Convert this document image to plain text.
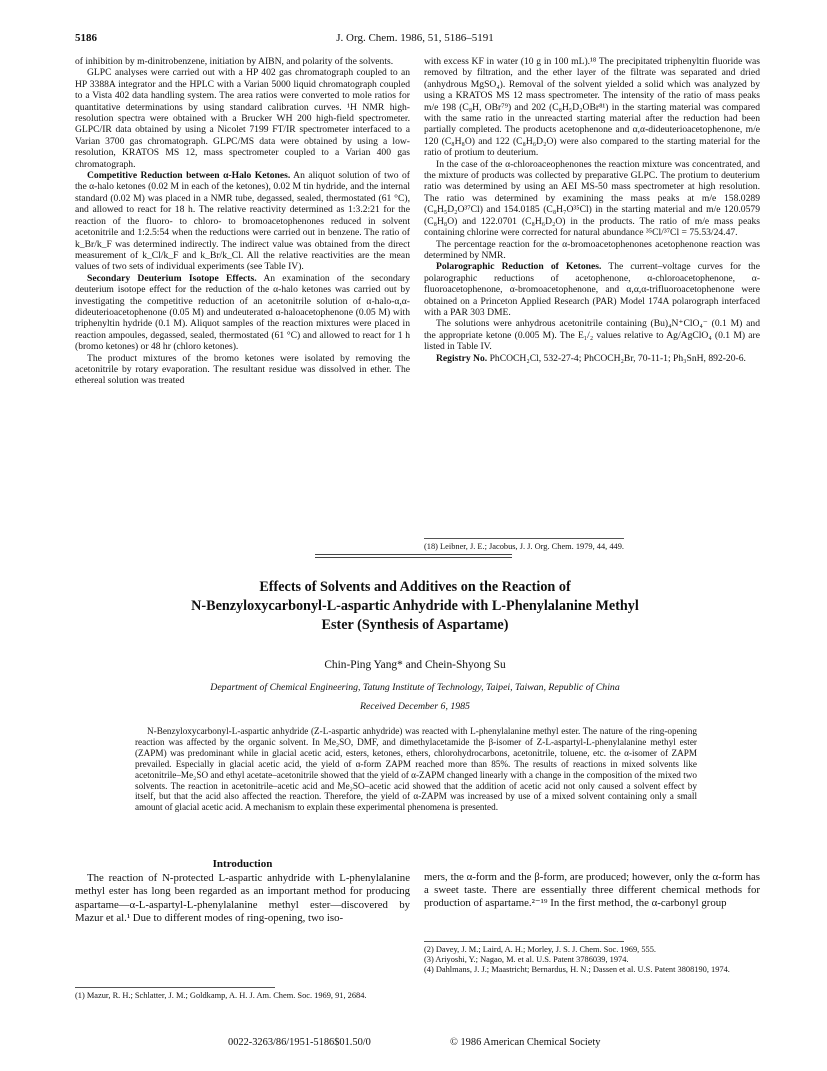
5186	J. Org. Chem. 1986, 51, 5186–5191

of inhibition by m-dinitrobenzene, initiation by AIBN, and polarity of the solvents.

GLPC analyses were carried out with a HP 402 gas chromatograph coupled to an HP 3388A integrator and the HPLC with a Varian 5000 liquid chromatograph coupled to a Vista 402 data handling system. The area ratios were converted to mole ratios for quantitative determinations by using standard calibration curves. ¹H NMR high-resolution spectra were obtained with a Brucker WH 200 high-field spectrometer. GLPC/IR data obtained by using a Nicolet 7199 FT/IR spectrometer interfaced to a Varian 3700 gas chromatograph. GLPC/MS data were obtained by using a low-resolution, KRATOS MS 12, mass spectrometer coupled to a Varian 400 gas chromatograph.

Competitive Reduction between α-Halo Ketones. An aliquot solution of two of the α-halo ketones (0.02 M in each of the ketones), 0.02 M tin hydride, and the internal standard (0.02 M) was placed in a NMR tube, degassed, sealed, thermostated (61 °C), and allowed to react for 18 h. The relative reactivity determined as 1:3.2:21 for the reaction of the fluoro- to chloro- to bromoacetophenones reduced in solvent acetonitrile and 1:2.5:54 when the reductions were carried out in benzene. The ratio of k_Br/k_F was determined indirectly. The indirect value was obtained from the direct measurement of k_Cl/k_F and k_Br/k_Cl. All the relative reactivities are the mean values of two sets of individual experiments (see Table IV).

Secondary Deuterium Isotope Effects. An examination of the secondary deuterium isotope effect for the reduction of the α-halo ketones was carried out by investigating the competitive reduction of an acetonitrile solution of α-halo-α,α-dideuterioacetophenone (0.05 M) and undeuterated α-haloacetophenone (0.05 M) with triphenyltin hydride (0.1 M). Aliquot samples of the reaction mixtures were placed in reaction ampoules, degassed, sealed, thermostated (61 °C) and allowed to react for 1 h (bromo ketones) or 48 hr (chloro ketones).

The product mixtures of the bromo ketones were isolated by removing the acetonitrile by rotary evaporation. The resultant residue was dissolved in ether. The ethereal solution was treated

with excess KF in water (10 g in 100 mL).¹⁸ The precipitated triphenyltin fluoride was removed by filtration, and the ether layer of the filtrate was separated and dried (anhydrous MgSO₄). Removal of the solvent yielded a solid which was analyzed by using a KRATOS MS 12 mass spectrometer. The intensity of the ratio of mass peaks m/e 198 (C₈H, OBr⁷⁹) and 202 (C₈H₅D₂OBr⁸¹) in the starting material was compared with the same ratio in the unreacted starting material after the reduction had been partially completed. The products acetophenone and α,α-dideuterioacetophenone, m/e 120 (C₈H₈O) and 122 (C₈H₆D₂O) were also compared to the starting material for the ratio of protium to deuterium.

In the case of the α-chloroaceophenones the reaction mixture was concentrated, and the mixture of products was collected by preparative GLPC. The protium to deuterium ratio was determined by using an AEI MS-50 mass spectrometer at high resolution. The ratio was determined by examining the mass peaks at m/e 158.0289 (C₈H₅D₂O³⁷Cl) and 154.0185 (C₈H₇O³⁵Cl) in the starting material and m/e 120.0579 (C₈H₈O) and 122.0701 (C₈H₆D₂O) in the products. The ratio of m/e mass peaks containing chlorine were corrected for natural abundance ³⁵Cl/³⁷Cl = 75.53/24.47.

The percentage reaction for the α-bromoacetophenones acetophenone reaction was determined by NMR.

Polarographic Reduction of Ketones. The current–voltage curves for the polarographic reductions of acetophenone, α-chloroacetophenone, α-fluoroacetophenone, α-bromoacetophenone, and α,α,α-trifluoroacetophenone were obtained on a Princeton Applied Research (PAR) Model 174A polarograph interfaced with a PAR 303 DME.

The solutions were anhydrous acetonitrile containing (Bu)₄N⁺ClO₄⁻ (0.1 M) and the appropriate ketone (0.005 M). The E₁/₂ values relative to Ag/AgClO₄ (0.1 M) are listed in Table IV.

Registry No. PhCOCH₂Cl, 532-27-4; PhCOCH₂Br, 70-11-1; Ph₃SnH, 892-20-6.

(18) Leibner, J. E.; Jacobus, J. J. Org. Chem. 1979, 44, 449.
Effects of Solvents and Additives on the Reaction of
N-Benzyloxycarbonyl-L-aspartic Anhydride with L-Phenylalanine Methyl
Ester (Synthesis of Aspartame)
Chin-Ping Yang* and Chein-Shyong Su
Department of Chemical Engineering, Tatung Institute of Technology, Taipei, Taiwan, Republic of China
Received December 6, 1985

N-Benzyloxycarbonyl-L-aspartic anhydride (Z-L-aspartic anhydride) was reacted with L-phenylalanine methyl ester. The nature of the ring-opening reaction was affected by the organic solvent. In Me₂SO, DMF, and dimethylacetamide the β-isomer of Z-L-aspartyl-L-phenylalanine methyl ester (ZAPM) was predominant while in glacial acetic acid, esters, ketones, ethers, chlorohydrocarbons, acetonitrile, toluene, etc. the α-isomer of ZAPM prevailed. Especially in glacial acetic acid, the yield of α-form ZAPM reached more than 85%. The results of reactions in mixed solvents like acetonitrile–Me₂SO and ethyl acetate–acetonitrile showed that the yield of α-ZAPM changed linearly with a change in the composition of the mixed two solvents. The reaction in acetonitrile–acetic acid and Me₂SO–acetic acid showed that the addition of acetic acid not only caused a solvent effect by itself, but that the acid also affected the reaction. Therefore, the yield of α-ZAPM was increased by use of a mixed solvent containing only a small amount of glacial acetic acid. A mechanism to explain these experimental phenomena is presented.

Introduction

The reaction of N-protected L-aspartic anhydride with L-phenylalanine methyl ester has long been regarded as an important method for producing aspartame—α-L-aspartyl-L-phenylalanine methyl ester—discovered by Mazur et al.¹ Due to different modes of ring-opening, two iso-

mers, the α-form and the β-form, are produced; however, only the α-form has a sweet taste. There are essentially three different chemical methods for production of aspartame.²⁻¹⁹ In the first method, the α-carbonyl group

(1) Mazur, R. H.; Schlatter, J. M.; Goldkamp, A. H. J. Am. Chem. Soc. 1969, 91, 2684.
(2) Davey, J. M.; Laird, A. H.; Morley, J. S. J. Chem. Soc. 1969, 555.
(3) Ariyoshi, Y.; Nagao, M. et al. U.S. Patent 3786039, 1974.
(4) Dahlmans, J. J.; Maastricht; Bernardus, H. N.; Dassen et al. U.S. Patent 3808190, 1974.
0022-3263/86/1951-5186$01.50/0	© 1986 American Chemical Society
